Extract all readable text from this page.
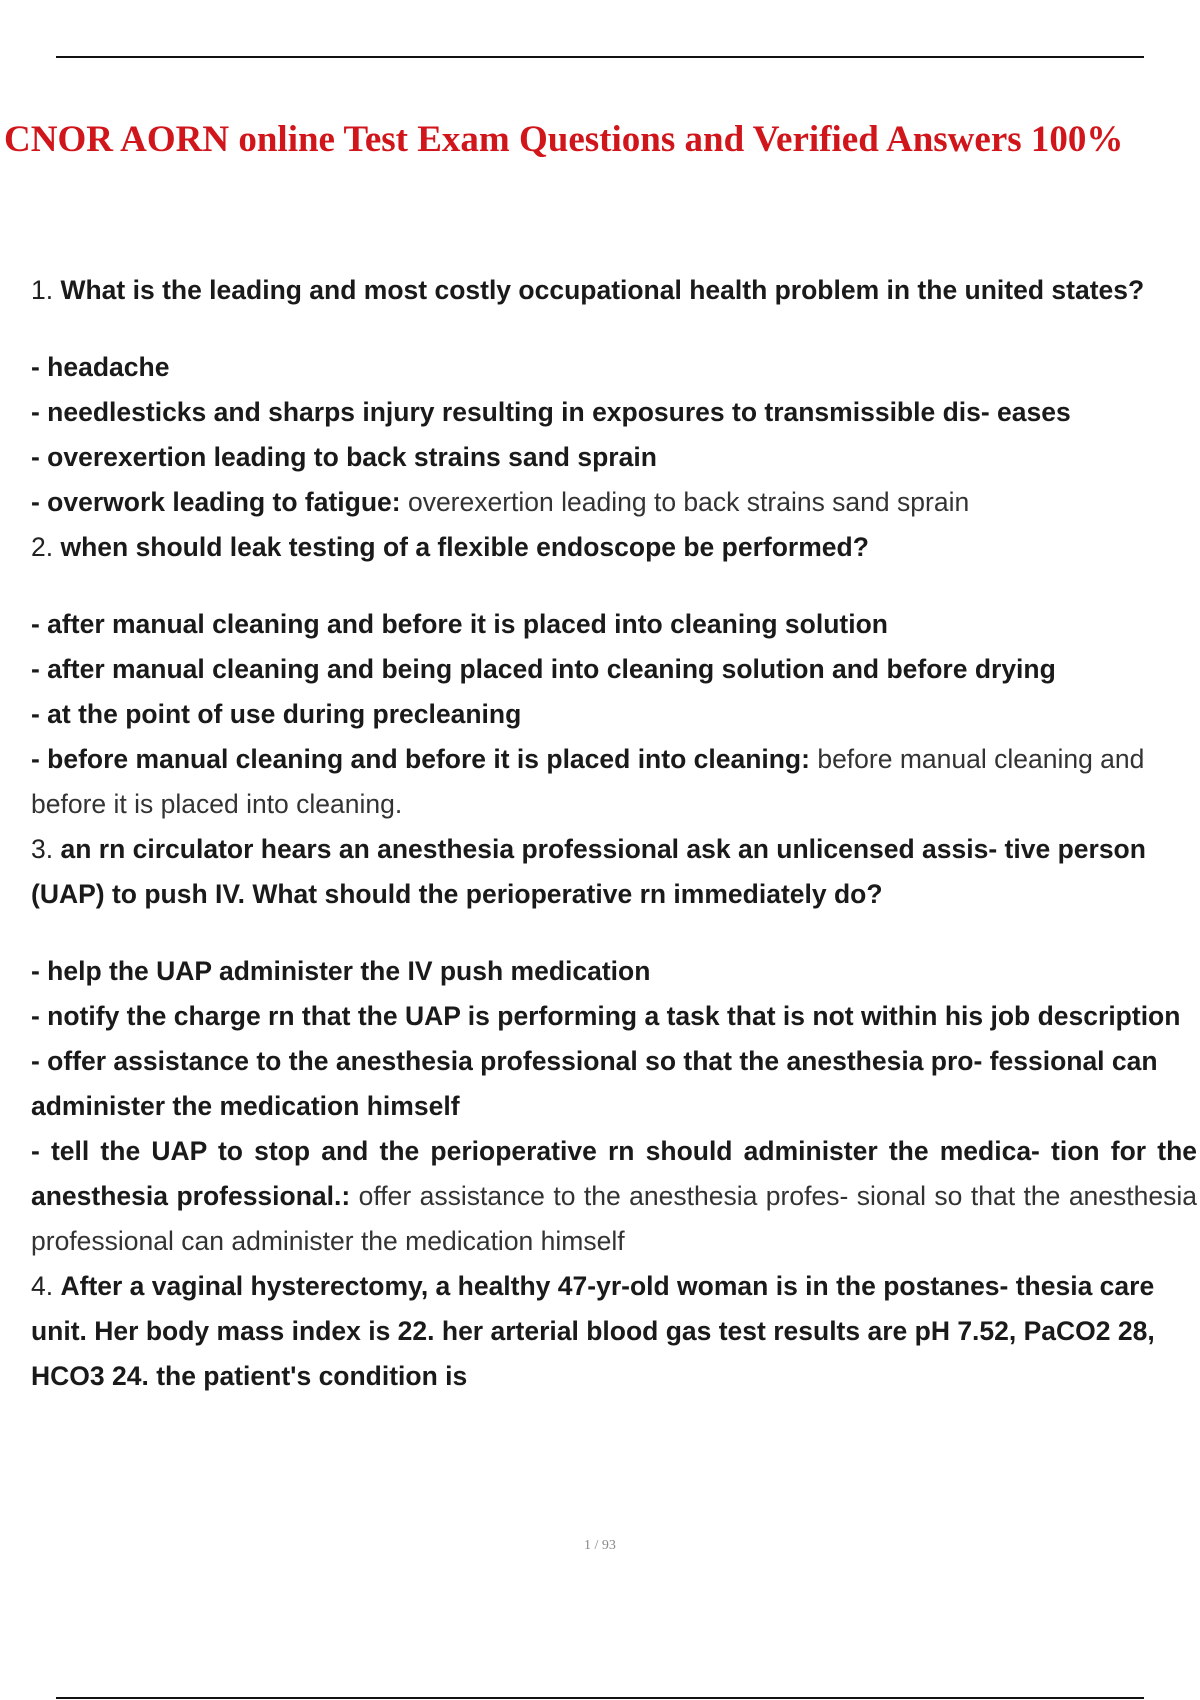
CNOR AORN online Test Exam Questions and Verified Answers 100%
1. What is the leading and most costly occupational health problem in the united states?
- headache
- needlesticks and sharps injury resulting in exposures to transmissible dis- eases
- overexertion leading to back strains sand sprain
- overwork leading to fatigue: overexertion leading to back strains sand sprain
2. when should leak testing of a flexible endoscope be performed?
- after manual cleaning and before it is placed into cleaning solution
- after manual cleaning and being placed into cleaning solution and before drying
- at the point of use during precleaning
- before manual cleaning and before it is placed into cleaning: before manual cleaning and before it is placed into cleaning.
3. an rn circulator hears an anesthesia professional ask an unlicensed assis- tive person (UAP) to push IV. What should the perioperative rn immediately do?
- help the UAP administer the IV push medication
- notify the charge rn that the UAP is performing a task that is not within his job description
- offer assistance to the anesthesia professional so that the anesthesia pro- fessional can administer the medication himself
- tell the UAP to stop and the perioperative rn should administer the medica- tion for the anesthesia professional.: offer assistance to the anesthesia profes- sional so that the anesthesia professional can administer the medication himself
4. After a vaginal hysterectomy, a healthy 47-yr-old woman is in the postanes- thesia care unit. Her body mass index is 22. her arterial blood gas test results are pH 7.52, PaCO2 28, HCO3 24. the patient's condition is
1 / 93
